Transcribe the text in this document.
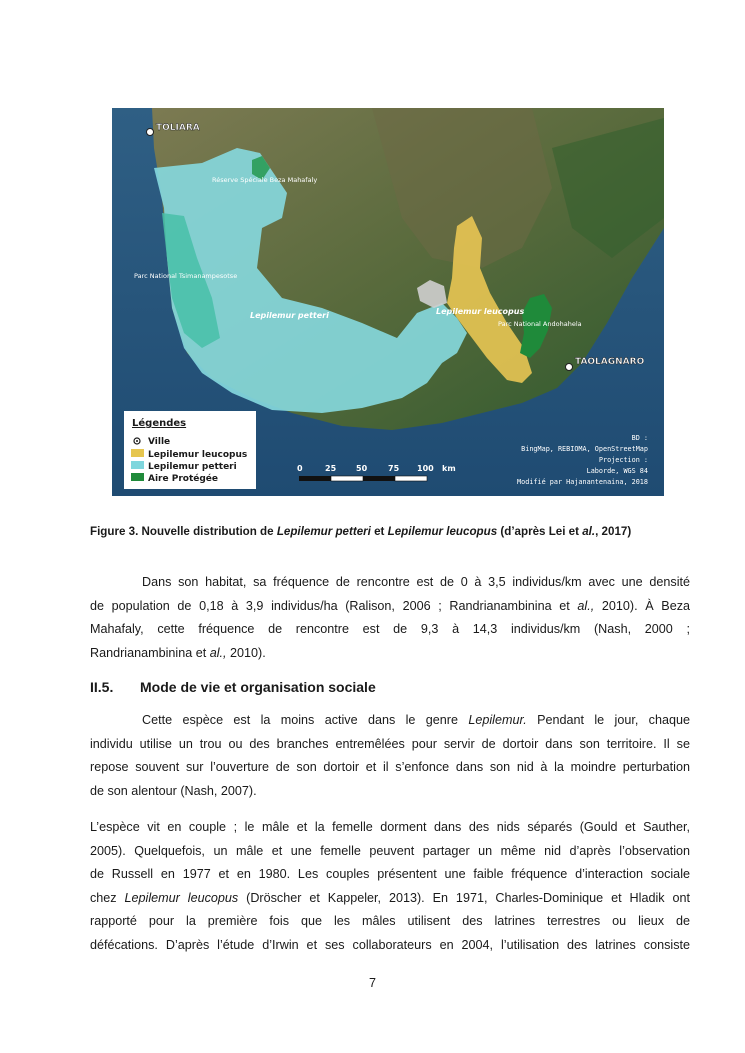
TOLIARA
TAOLAGNARO
Réserve Spéciale Beza Mahafaly
Parc National Tsimanampesotse
Lepilemur petteri	Lepilemur leucopus
Parc National Andohahela
Légendes
Ville
Lepilemur leucopus
Lepilemur petteri
Aire Protégée
0	25 50	75 100 km
BD :
BingMap, REBIOMA, OpenStreetMap
Projection :
Laborde, WGS 84
Modifié par Hajanantenaina, 2018
Figure 3. Nouvelle distribution de Lepilemur petteri et Lepilemur leucopus (d’après Lei et al., 2017)
Dans son habitat, sa fréquence de rencontre est de 0 à 3,5 individus/km avec une densité
de population de 0,18 à 3,9 individus/ha (Ralison, 2006 ; Randrianambinina et al., 2010). À Beza
Mahafaly, cette fréquence de rencontre est de 9,3 à 14,3 individus/km (Nash, 2000 ;
Randrianambinina et al., 2010).
II.5. Mode de vie et organisation sociale
Cette espèce est la moins active dans le genre Lepilemur. Pendant le jour, chaque
individu utilise un trou ou des branches entremêlées pour servir de dortoir dans son territoire. Il se
repose souvent sur l’ouverture de son dortoir et il s’enfonce dans son nid à la moindre perturbation
de son alentour (Nash, 2007).
L’espèce vit en couple ; le mâle et la femelle dorment dans des nids séparés (Gould et Sauther,
2005). Quelquefois, un mâle et une femelle peuvent partager un même nid d’après l’observation
de Russell en 1977 et en 1980. Les couples présentent une faible fréquence d’interaction sociale
chez Lepilemur leucopus (Dröscher et Kappeler, 2013). En 1971, Charles-Dominique et Hladik ont
rapporté pour la première fois que les mâles utilisent des latrines terrestres ou lieux de
défécations. D’après l’étude d’Irwin et ses collaborateurs en 2004, l’utilisation des latrines consiste
7
